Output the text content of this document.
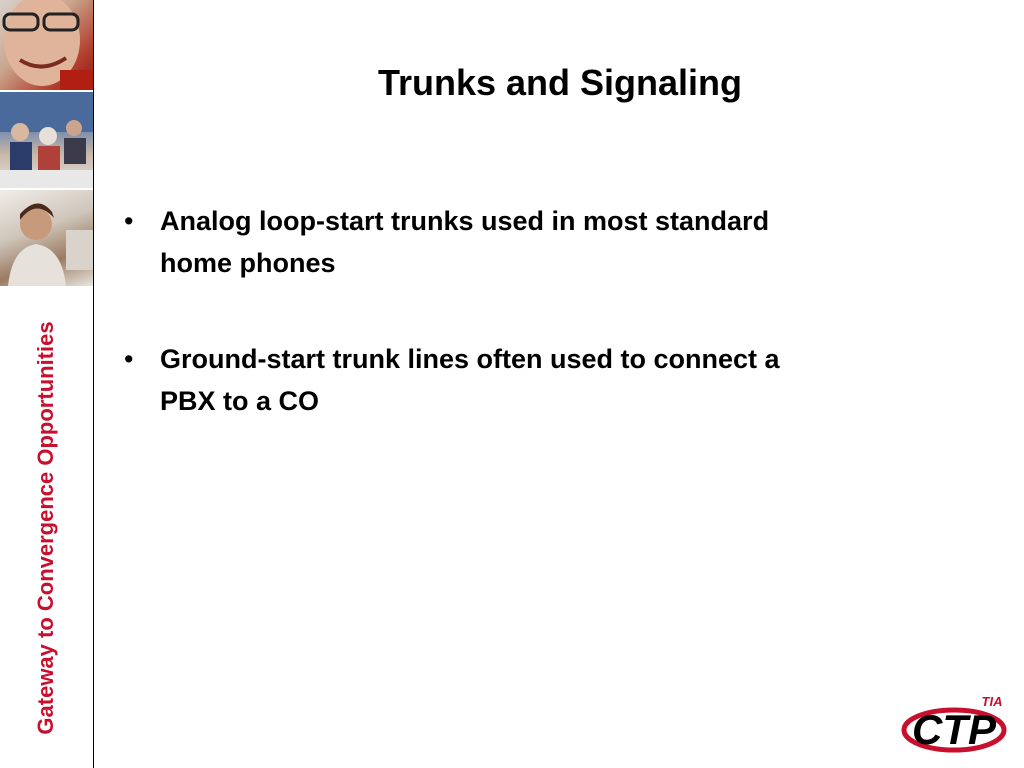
Gateway to Convergence Opportunities
Trunks and Signaling
• Analog loop-start trunks used in most standard home phones
• Ground-start trunk lines often used to connect a PBX to a CO
CTP
TIA
